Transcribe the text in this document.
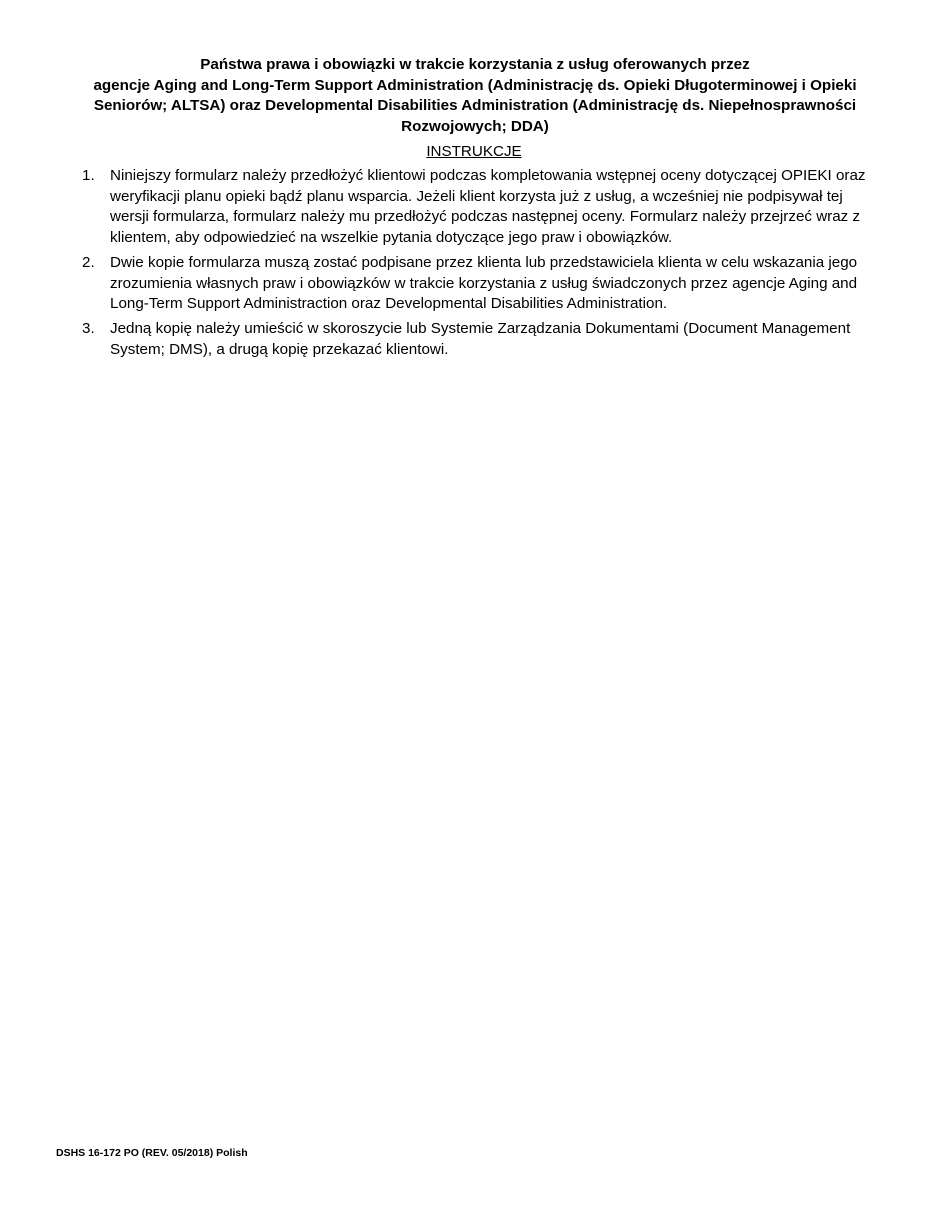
Państwa prawa i obowiązki w trakcie korzystania z usług oferowanych przez
agencje Aging and Long-Term Support Administration (Administrację ds. Opieki Długoterminowej i Opieki
Seniorów; ALTSA) oraz Developmental Disabilities Administration (Administrację ds. Niepełnosprawności
Rozwojowych; DDA)
INSTRUKCJE
1.	Niniejszy formularz należy przedłożyć klientowi podczas kompletowania wstępnej oceny dotyczącej OPIEKI oraz
weryfikacji planu opieki bądź planu wsparcia. Jeżeli klient korzysta już z usług, a wcześniej nie podpisywał tej
wersji formularza, formularz należy mu przedłożyć podczas następnej oceny. Formularz należy przejrzeć wraz z
klientem, aby odpowiedzieć na wszelkie pytania dotyczące jego praw i obowiązków.
2.	Dwie kopie formularza muszą zostać podpisane przez klienta lub przedstawiciela klienta w celu wskazania jego
zrozumienia własnych praw i obowiązków w trakcie korzystania z usług świadczonych przez agencje Aging and
Long-Term Support Administraction oraz Developmental Disabilities Administration.
3.	Jedną kopię należy umieścić w skoroszycie lub Systemie Zarządzania Dokumentami (Document Management
System; DMS), a drugą kopię przekazać klientowi.
DSHS 16-172 PO (REV. 05/2018) Polish
